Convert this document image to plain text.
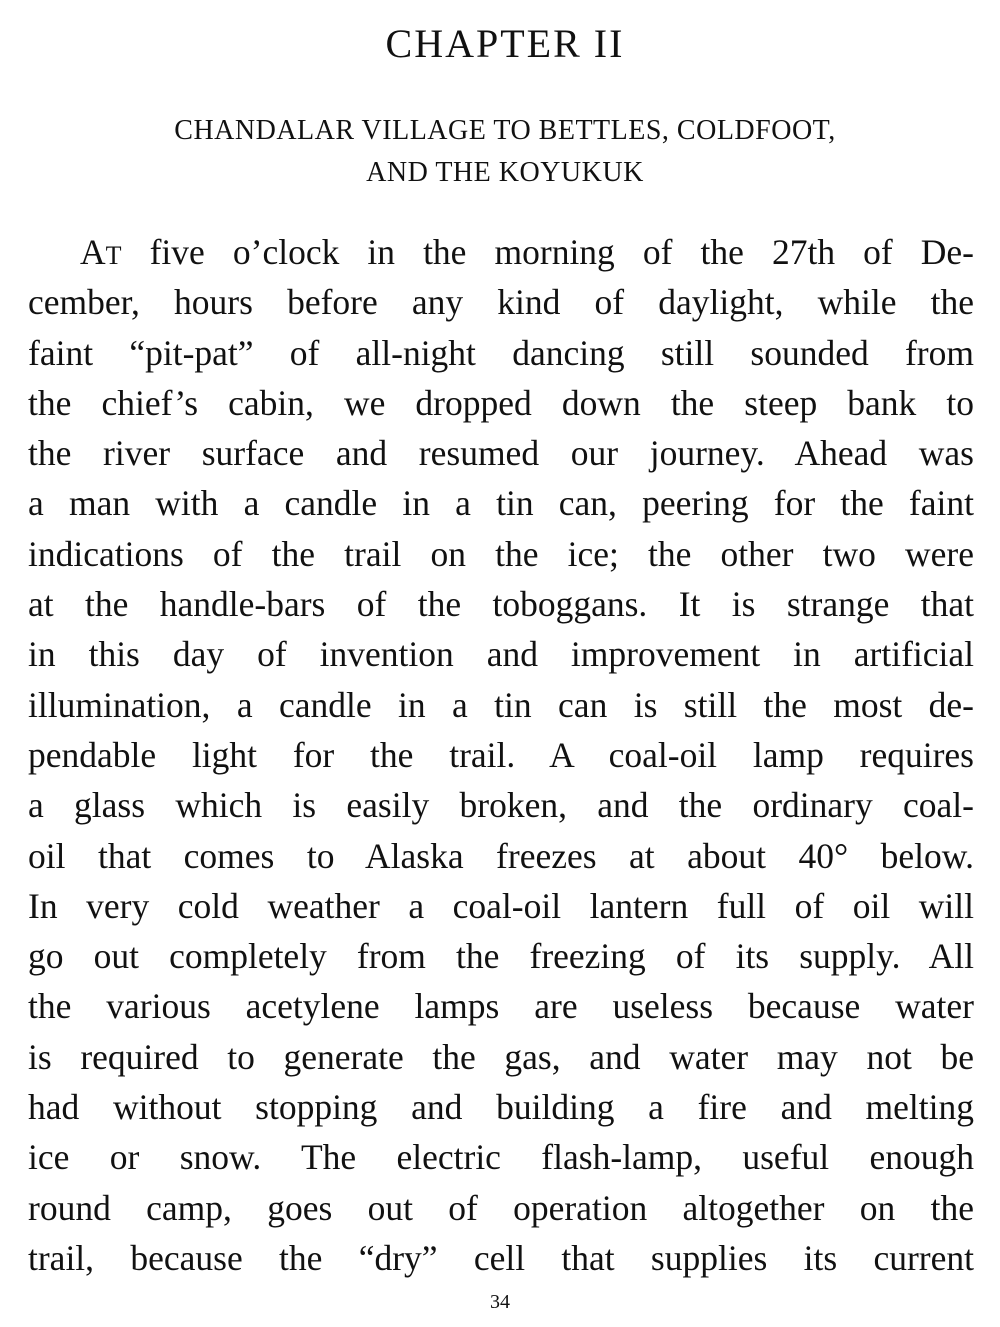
CHAPTER II
CHANDALAR VILLAGE TO BETTLES, COLDFOOT,
AND THE KOYUKUK
AT five o’clock in the morning of the 27th of De-
cember, hours before any kind of daylight, while the
faint “pit-pat” of all-night dancing still sounded from
the chief’s cabin, we dropped down the steep bank to
the river surface and resumed our journey. Ahead was
a man with a candle in a tin can, peering for the faint
indications of the trail on the ice; the other two were
at the handle-bars of the toboggans. It is strange that
in this day of invention and improvement in artificial
illumination, a candle in a tin can is still the most de-
pendable light for the trail. A coal-oil lamp requires
a glass which is easily broken, and the ordinary coal-
oil that comes to Alaska freezes at about 40° below.
In very cold weather a coal-oil lantern full of oil will
go out completely from the freezing of its supply. All
the various acetylene lamps are useless because water
is required to generate the gas, and water may not be
had without stopping and building a fire and melting
ice or snow. The electric flash-lamp, useful enough
round camp, goes out of operation altogether on the
trail, because the “dry” cell that supplies its current
34
